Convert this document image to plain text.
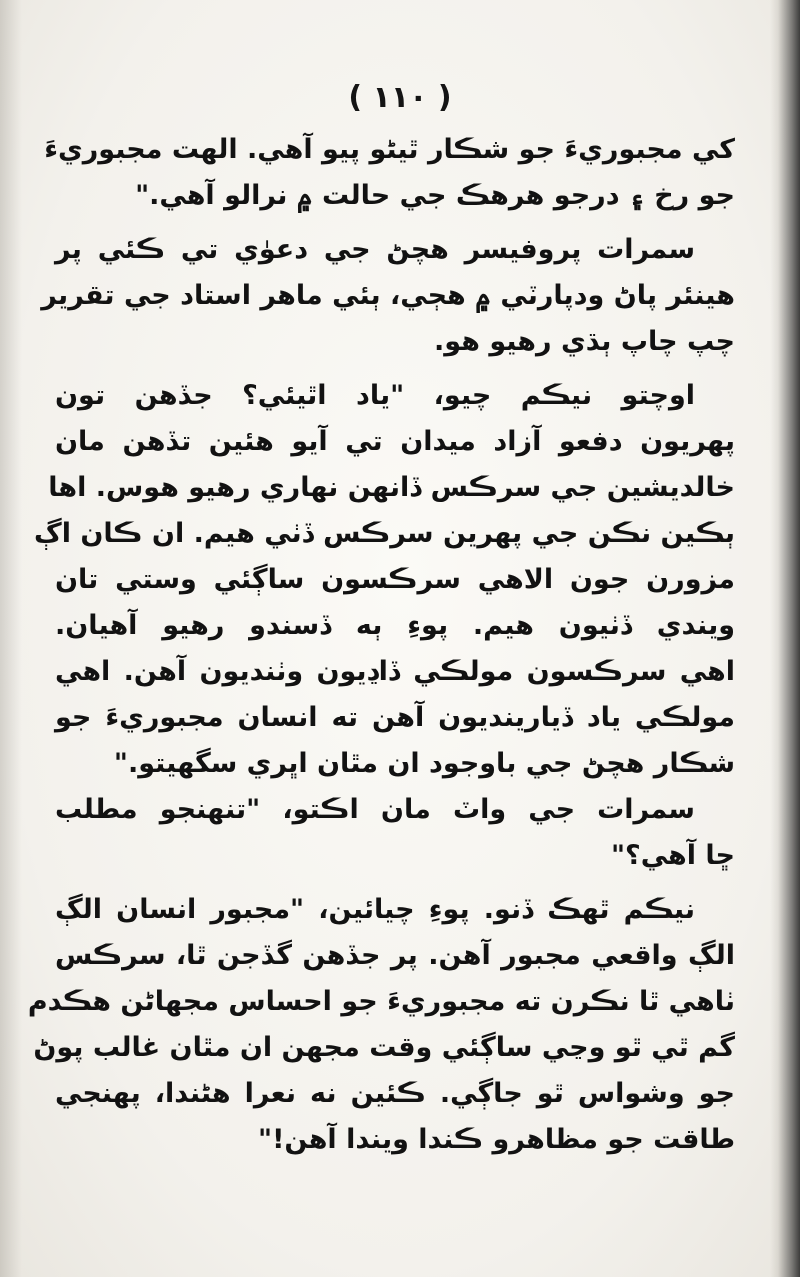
( ١١٠ )
کي مجبوريءَ جو شڪار ٿيڻو پيو آهي. الهت مجبوريءَ
جو رخ ۽ درجو هرهڪ جي حالت ۾ نرالو آهي."
سمرات پروفيسر هچڻ جي دعوٰي تي ڪئي پر
هينئر پاڻ ودپارٽي ۾ هڄي، ٻئي ماهر استاد جي تقرير
چپ چاپ ٻڌي رهيو هو.
اوچتو نيڪم چيو، "ياد اٿيئي؟ جڏهن تون
پهريون دفعو آزاد ميدان تي آيو هئين تڏهن مان
خالديشين جي سرڪس ڏانهن نهاري رهيو هوس. اها
ٻڪين نڪن جي پهرين سرڪس ڏٺي هيم. ان ڪان اڳ
مزورن جون الاهي سرڪسون ساڳئي وستي تان
ويندي ڏٺيون هيم. پوءِ ٻه ڏسندو رهيو آهيان.
اهي سرڪسون مولڪي ڏاڍيون وٺنديون آهن. اهي
مولڪي ياد ڏيارينديون آهن ته انسان مجبوريءَ جو
شڪار هچڻ جي باوجود ان مٿان اڀري سگهيتو."
سمرات جي واٽ مان اڪتو، "تنهنجو مطلب
ڇا آهي؟"
نيڪم ٿهڪ ڏنو. پوءِ چيائين، "مجبور انسان الڳ
الڳ واقعي مجبور آهن. پر جڏهن گڏجن ٿا، سرڪس
ٺاهي ٿا نڪرن ته مجبوريءَ جو احساس مجهاڻن هڪدم
گم ٿي ٿو وڃي ساڳئي وقت مجهن ان مٿان غالب پوڻ
جو وشواس ٿو جاڳي. ڪئين نه نعرا هڻندا، پهنجي
طاقت جو مظاهرو ڪندا ويندا آهن!"
